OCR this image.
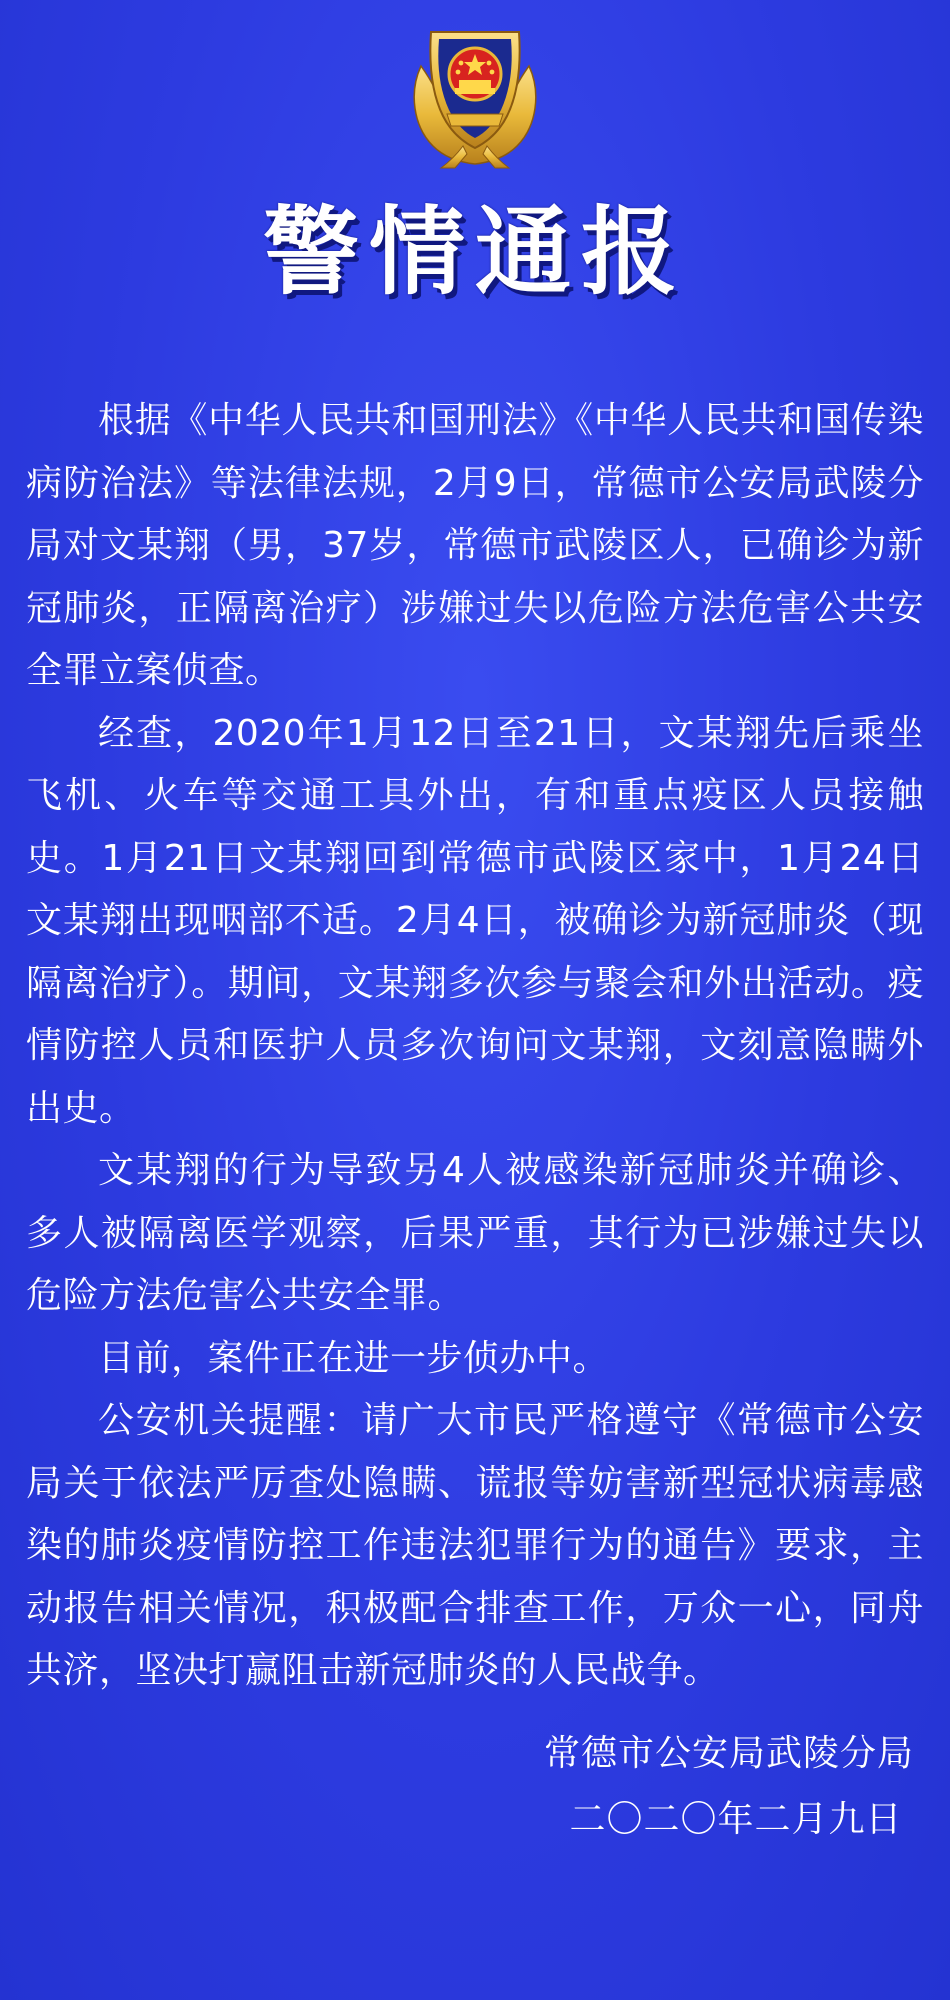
警情通报

根据《中华人民共和国刑法》《中华人民共和国传染病防治法》等法律法规，2月9日，常德市公安局武陵分局对文某翔（男，37岁，常德市武陵区人，已确诊为新冠肺炎，正隔离治疗）涉嫌过失以危险方法危害公共安全罪立案侦查。

经查，2020年1月12日至21日，文某翔先后乘坐飞机、火车等交通工具外出，有和重点疫区人员接触史。1月21日文某翔回到常德市武陵区家中，1月24日文某翔出现咽部不适。2月4日，被确诊为新冠肺炎（现隔离治疗）。期间，文某翔多次参与聚会和外出活动。疫情防控人员和医护人员多次询问文某翔，文刻意隐瞒外出史。

文某翔的行为导致另4人被感染新冠肺炎并确诊、多人被隔离医学观察，后果严重，其行为已涉嫌过失以危险方法危害公共安全罪。

目前，案件正在进一步侦办中。

公安机关提醒：请广大市民严格遵守《常德市公安局关于依法严厉查处隐瞒、谎报等妨害新型冠状病毒感染的肺炎疫情防控工作违法犯罪行为的通告》要求，主动报告相关情况，积极配合排查工作，万众一心，同舟共济，坚决打赢阻击新冠肺炎的人民战争。

常德市公安局武陵分局
二〇二〇年二月九日
